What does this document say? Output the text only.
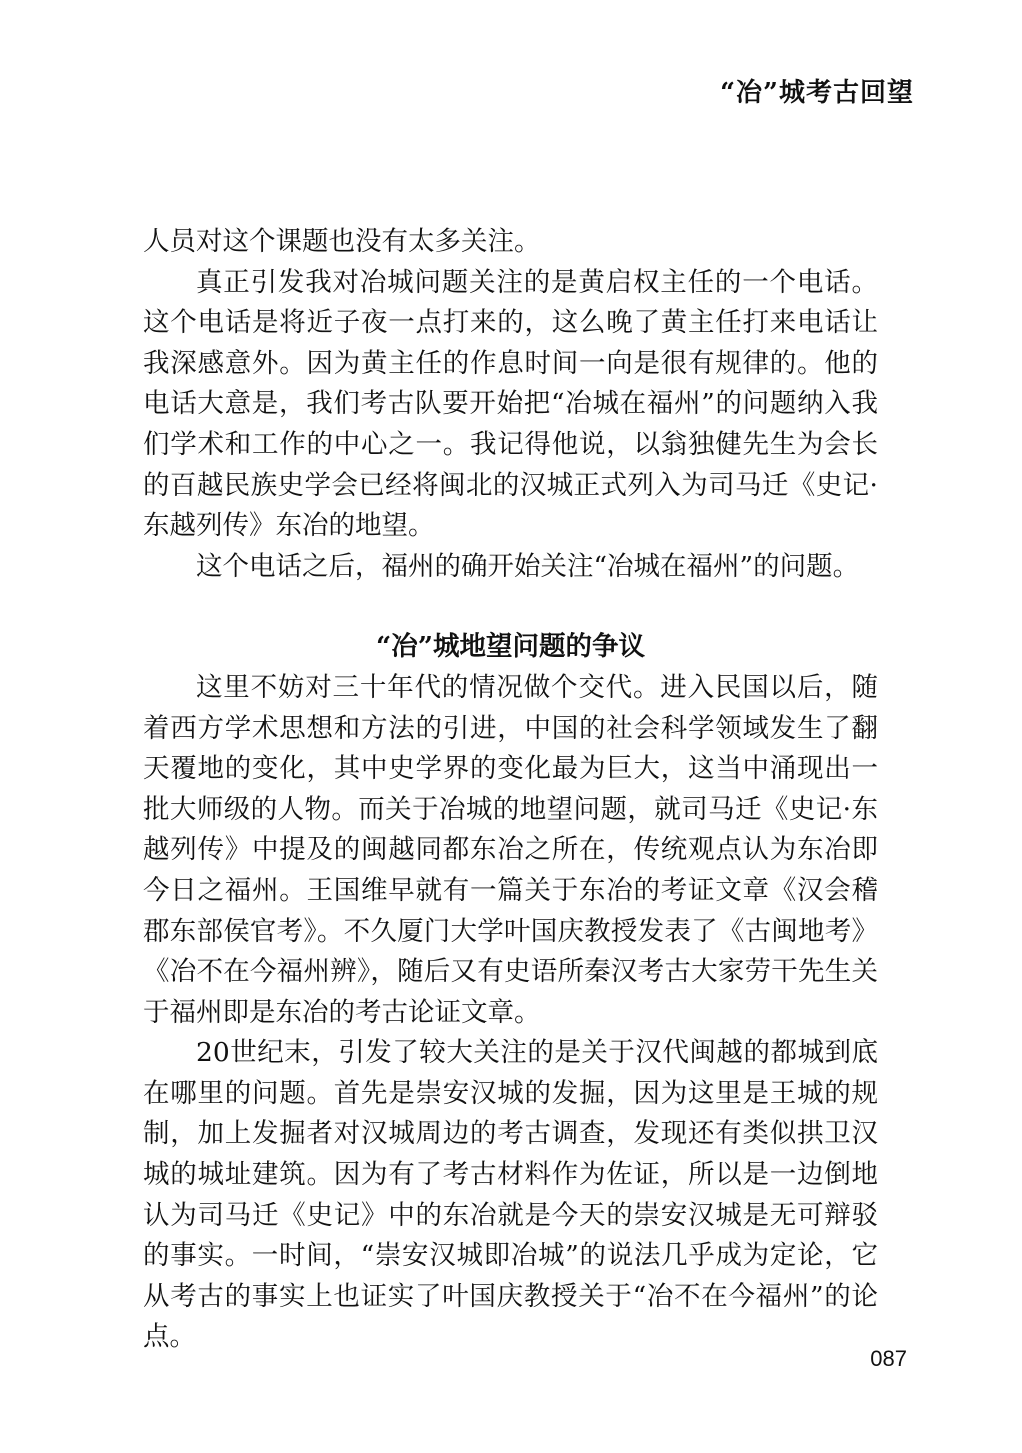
“冶”城考古回望

人员对这个课题也没有太多关注。

真正引发我对冶城问题关注的是黄启权主任的一个电话。这个电话是将近子夜一点打来的，这么晚了黄主任打来电话让我深感意外。因为黄主任的作息时间一向是很有规律的。他的电话大意是，我们考古队要开始把“冶城在福州”的问题纳入我们学术和工作的中心之一。我记得他说，以翁独健先生为会长的百越民族史学会已经将闽北的汉城正式列入为司马迁《史记·东越列传》东冶的地望。

这个电话之后，福州的确开始关注“冶城在福州”的问题。

“冶”城地望问题的争议

这里不妨对三十年代的情况做个交代。进入民国以后，随着西方学术思想和方法的引进，中国的社会科学领域发生了翻天覆地的变化，其中史学界的变化最为巨大，这当中涌现出一批大师级的人物。而关于冶城的地望问题，就司马迁《史记·东越列传》中提及的闽越同都东冶之所在，传统观点认为东冶即今日之福州。王国维早就有一篇关于东冶的考证文章《汉会稽郡东部侯官考》。不久厦门大学叶国庆教授发表了《古闽地考》《冶不在今福州辨》，随后又有史语所秦汉考古大家劳干先生关于福州即是东冶的考古论证文章。

20世纪末，引发了较大关注的是关于汉代闽越的都城到底在哪里的问题。首先是崇安汉城的发掘，因为这里是王城的规制，加上发掘者对汉城周边的考古调查，发现还有类似拱卫汉城的城址建筑。因为有了考古材料作为佐证，所以是一边倒地认为司马迁《史记》中的东冶就是今天的崇安汉城是无可辩驳的事实。一时间，“崇安汉城即冶城”的说法几乎成为定论，它从考古的事实上也证实了叶国庆教授关于“冶不在今福州”的论点。

087
